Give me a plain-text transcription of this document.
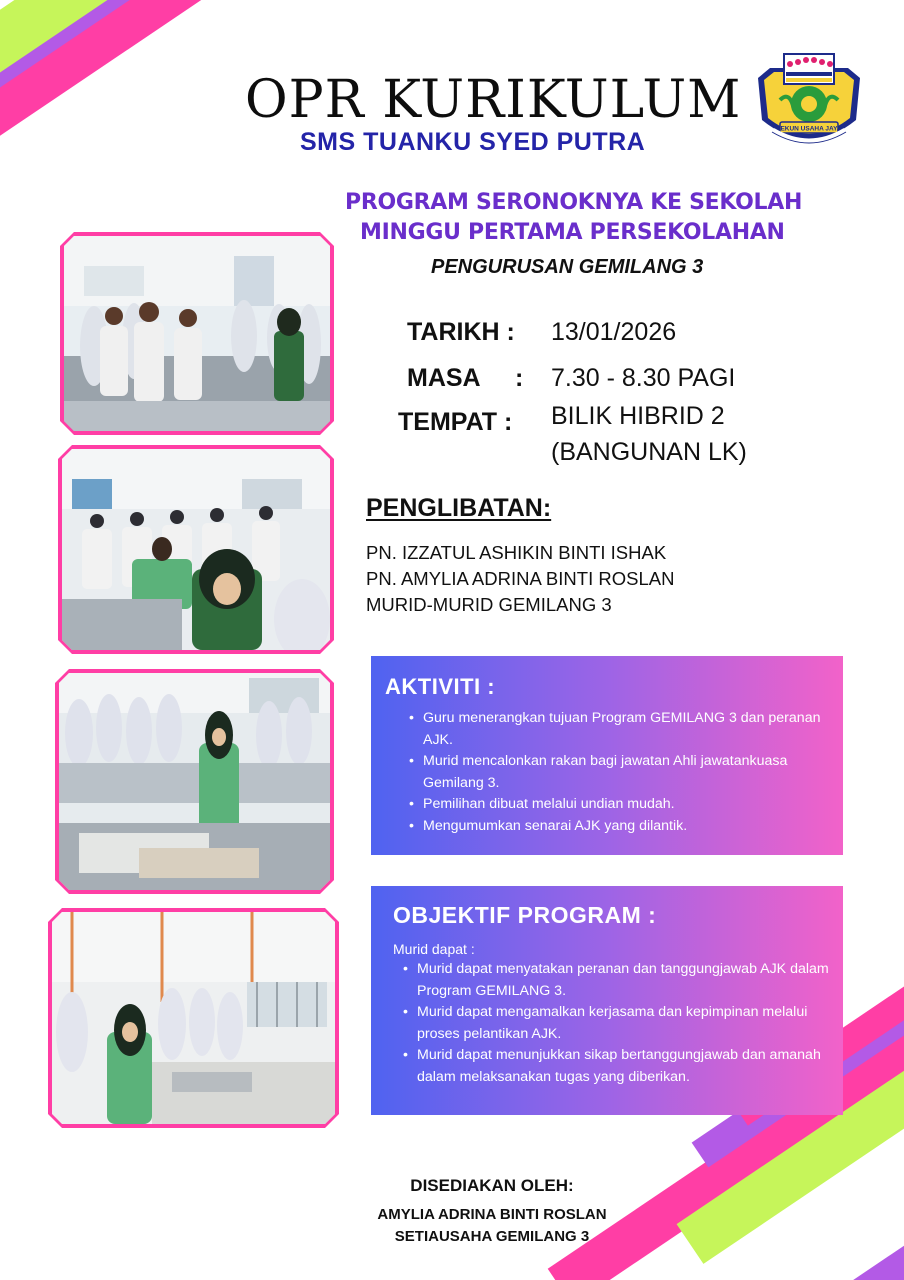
OPR KURIKULUM
SMS TUANKU SYED PUTRA	TEKUN USAHA JAYA
PROGRAM SERONOKNYA KE SEKOLAH
MINGGU PERTAMA PERSEKOLAHAN
PENGURUSAN GEMILANG 3
TARIKH : 13/01/2026
MASA : 7.30 - 8.30 PAGI
TEMPAT : BILIK HIBRID 2
(BANGUNAN LK)
PENGLIBATAN:
PN. IZZATUL ASHIKIN BINTI ISHAK
PN. AMYLIA ADRINA BINTI ROSLAN
MURID-MURID GEMILANG 3
AKTIVITI :
• Guru menerangkan tujuan Program GEMILANG 3 dan peranan AJK.
• Murid mencalonkan rakan bagi jawatan Ahli jawatankuasa Gemilang 3.
• Pemilihan dibuat melalui undian mudah.
• Mengumumkan senarai AJK yang dilantik.
OBJEKTIF PROGRAM :
Murid dapat :
• Murid dapat menyatakan peranan dan tanggungjawab AJK dalam Program GEMILANG 3.
• Murid dapat mengamalkan kerjasama dan kepimpinan melalui proses pelantikan AJK.
• Murid dapat menunjukkan sikap bertanggungjawab dan amanah dalam melaksanakan tugas yang diberikan.
DISEDIAKAN OLEH:
AMYLIA ADRINA BINTI ROSLAN
SETIAUSAHA GEMILANG 3
